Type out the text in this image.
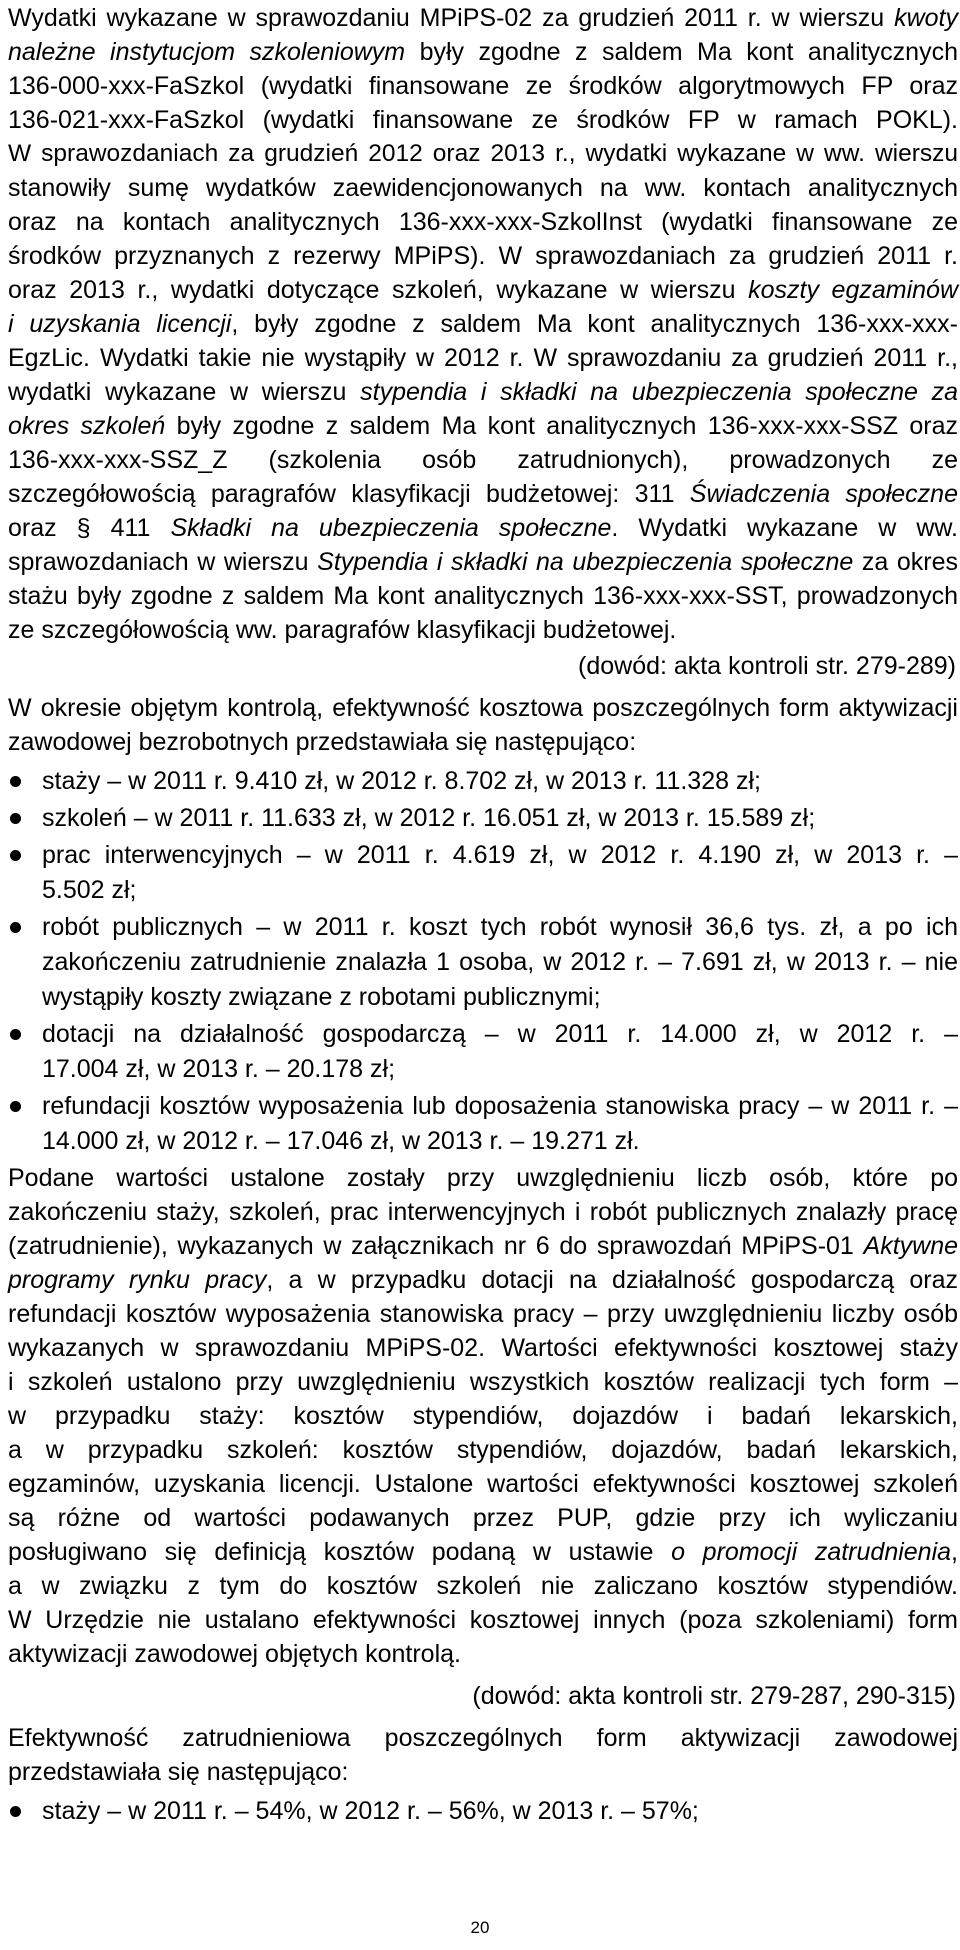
Wydatki wykazane w sprawozdaniu MPiPS-02 za grudzień 2011 r. w wierszu kwoty
należne instytucjom szkoleniowym były zgodne z saldem Ma kont analitycznych
136-000-xxx-FaSzkol (wydatki finansowane ze środków algorytmowych FP oraz
136-021-xxx-FaSzkol (wydatki finansowane ze środków FP w ramach POKL).
W sprawozdaniach za grudzień 2012 oraz 2013 r., wydatki wykazane w ww. wierszu
stanowiły sumę wydatków zaewidencjonowanych na ww. kontach analitycznych
oraz na kontach analitycznych 136-xxx-xxx-SzkolInst (wydatki finansowane ze
środków przyznanych z rezerwy MPiPS). W sprawozdaniach za grudzień 2011 r.
oraz 2013 r., wydatki dotyczące szkoleń, wykazane w wierszu koszty egzaminów
i uzyskania licencji, były zgodne z saldem Ma kont analitycznych 136-xxx-xxx-
EgzLic. Wydatki takie nie wystąpiły w 2012 r. W sprawozdaniu za grudzień 2011 r.,
wydatki wykazane w wierszu stypendia i składki na ubezpieczenia społeczne za
okres szkoleń były zgodne z saldem Ma kont analitycznych 136-xxx-xxx-SSZ oraz
136-xxx-xxx-SSZ_Z (szkolenia osób zatrudnionych), prowadzonych ze
szczegółowością paragrafów klasyfikacji budżetowej: 311 Świadczenia społeczne
oraz § 411 Składki na ubezpieczenia społeczne. Wydatki wykazane w ww.
sprawozdaniach w wierszu Stypendia i składki na ubezpieczenia społeczne za okres
stażu były zgodne z saldem Ma kont analitycznych 136-xxx-xxx-SST, prowadzonych
ze szczegółowością ww. paragrafów klasyfikacji budżetowej.
(dowód: akta kontroli str. 279-289)
W okresie objętym kontrolą, efektywność kosztowa poszczególnych form aktywizacji
zawodowej bezrobotnych przedstawiała się następująco:
staży – w 2011 r. 9.410 zł, w 2012 r. 8.702 zł, w 2013 r. 11.328 zł;
szkoleń – w 2011 r. 11.633 zł, w 2012 r. 16.051 zł, w 2013 r. 15.589 zł;
prac interwencyjnych – w 2011 r. 4.619 zł, w 2012 r. 4.190 zł, w 2013 r. –
5.502 zł;
robót publicznych – w 2011 r. koszt tych robót wynosił 36,6 tys. zł, a po ich
zakończeniu zatrudnienie znalazła 1 osoba, w 2012 r. – 7.691 zł, w 2013 r. – nie
wystąpiły koszty związane z robotami publicznymi;
dotacji na działalność gospodarczą – w 2011 r. 14.000 zł, w 2012 r. –
17.004 zł, w 2013 r. – 20.178 zł;
refundacji kosztów wyposażenia lub doposażenia stanowiska pracy – w 2011 r. –
14.000 zł, w 2012 r. – 17.046 zł, w 2013 r. – 19.271 zł.
Podane wartości ustalone zostały przy uwzględnieniu liczb osób, które po
zakończeniu staży, szkoleń, prac interwencyjnych i robót publicznych znalazły pracę
(zatrudnienie), wykazanych w załącznikach nr 6 do sprawozdań MPiPS-01 Aktywne
programy rynku pracy, a w przypadku dotacji na działalność gospodarczą oraz
refundacji kosztów wyposażenia stanowiska pracy – przy uwzględnieniu liczby osób
wykazanych w sprawozdaniu MPiPS-02. Wartości efektywności kosztowej staży
i szkoleń ustalono przy uwzględnieniu wszystkich kosztów realizacji tych form –
w przypadku staży: kosztów stypendiów, dojazdów i badań lekarskich,
a w przypadku szkoleń: kosztów stypendiów, dojazdów, badań lekarskich,
egzaminów, uzyskania licencji. Ustalone wartości efektywności kosztowej szkoleń
są różne od wartości podawanych przez PUP, gdzie przy ich wyliczaniu
posługiwano się definicją kosztów podaną w ustawie o promocji zatrudnienia,
a w związku z tym do kosztów szkoleń nie zaliczano kosztów stypendiów.
W Urzędzie nie ustalano efektywności kosztowej innych (poza szkoleniami) form
aktywizacji zawodowej objętych kontrolą.
(dowód: akta kontroli str. 279-287, 290-315)
Efektywność zatrudnieniowa poszczególnych form aktywizacji zawodowej
przedstawiała się następująco:
staży – w 2011 r. – 54%, w 2012 r. – 56%, w 2013 r. – 57%;
20
